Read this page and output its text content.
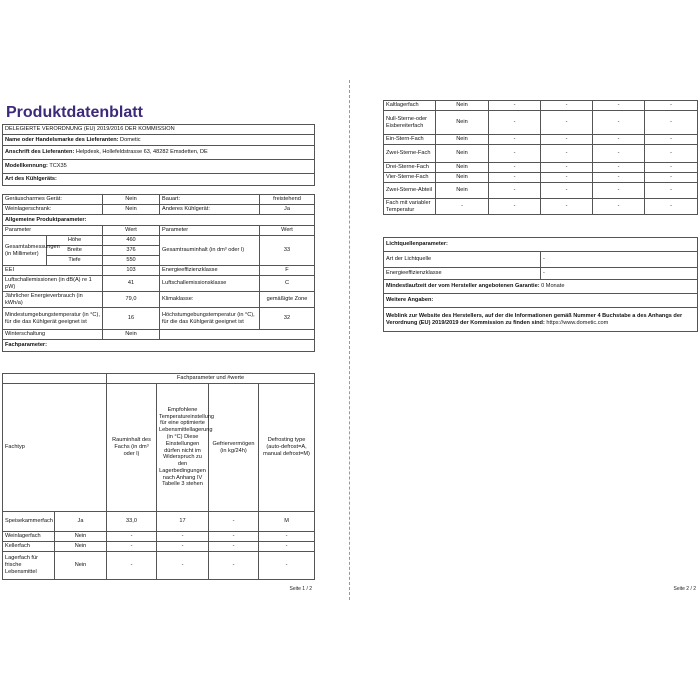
Produktdatenblatt
DELEGIERTE VERORDNUNG (EU) 2019/2016 DER KOMMISSION
Name oder Handelsmarke des Lieferanten: Dometic
Anschrift des Lieferanten: Helpdesk, Hollefeldstrasse 63, 48282 Emsdetten, DE
Modellkennung: TCX35
Art des Kühlgeräts:
Geräuscharmes Gerät:	Nein	Bauart:	freistehend
Weinlagerschrank:	Nein	Anderes Kühlgerät:	Ja
Allgemeine Produktparameter:			
Parameter		Wert	Parameter	Wert
Gesamtabmessungen (in Millimeter)	Höhe	460	Gesamtrauminhalt (in dm³ oder l)	33
	Breite	376		
	Tiefe	550		
EEI		103	Energieeffizienzklasse	F
Luftschallemissionen (in dB(A) re 1 pW)		41	Luftschallemissionsklasse	C
Jährlicher Energieverbrauch (in kWh/a)		79,0	Klimaklasse:	gemäßigte Zone
Mindestumgebungstemperatur (in °C), für die das Kühlgerät geeignet ist		16	Höchstumgebungstemperatur (in °C), für die das Kühlgerät geeignet ist	32
Winterschaltung		Nein		
Fachparameter:				
		Fachparameter und #werte			
Fachtyp		Rauminhalt des Fachs (in dm³ oder l)	Empfohlene Temperatureinstellung für eine optimierte Lebensmittellagerung (in °C) Diese Einstellungen dürfen nicht im Widerspruch zu den Lagerbedingungen nach Anhang IV Tabelle 3 stehen	Gefriervermögen (in kg/24h)	Defrosting type (auto-defrost=A, manual defrost=M)
Speisekammerfach	Ja	33,0	17	-	M
Weinlagerfach	Nein	-	-	-	-
Kellerfach	Nein	-	-	-	-
Lagerfach für frische Lebensmittel	Nein	-	-	-	-
Seite 1 / 2
Kaltlagerfach	Nein	-	-	-	-
Null-Sterne-oder Eisbereiterfach	Nein	-	-	-	-
Ein-Stern-Fach	Nein	-	-	-	-
Zwei-Sterne-Fach	Nein	-	-	-	-
Drei-Sterne-Fach	Nein	-	-	-	-
Vier-Sterne-Fach	Nein	-	-	-	-
Zwei-Sterne-Abteil	Nein	-	-	-	-
Fach mit variabler Temperatur	-	-	-	-	-
Lichtquellenparameter:	
Art der Lichtquelle	-
Energieeffizienzklasse	-
Mindestlaufzeit der vom Hersteller angebotenen Garantie: 0 Monate	
Weitere Angaben:	
Weblink zur Website des Herstellers, auf der die Informationen gemäß Nummer 4 Buchstabe a des Anhangs der Verordnung (EU) 2019/2019 der Kommission zu finden sind: https://www.dometic.com	
Seite 2 / 2
